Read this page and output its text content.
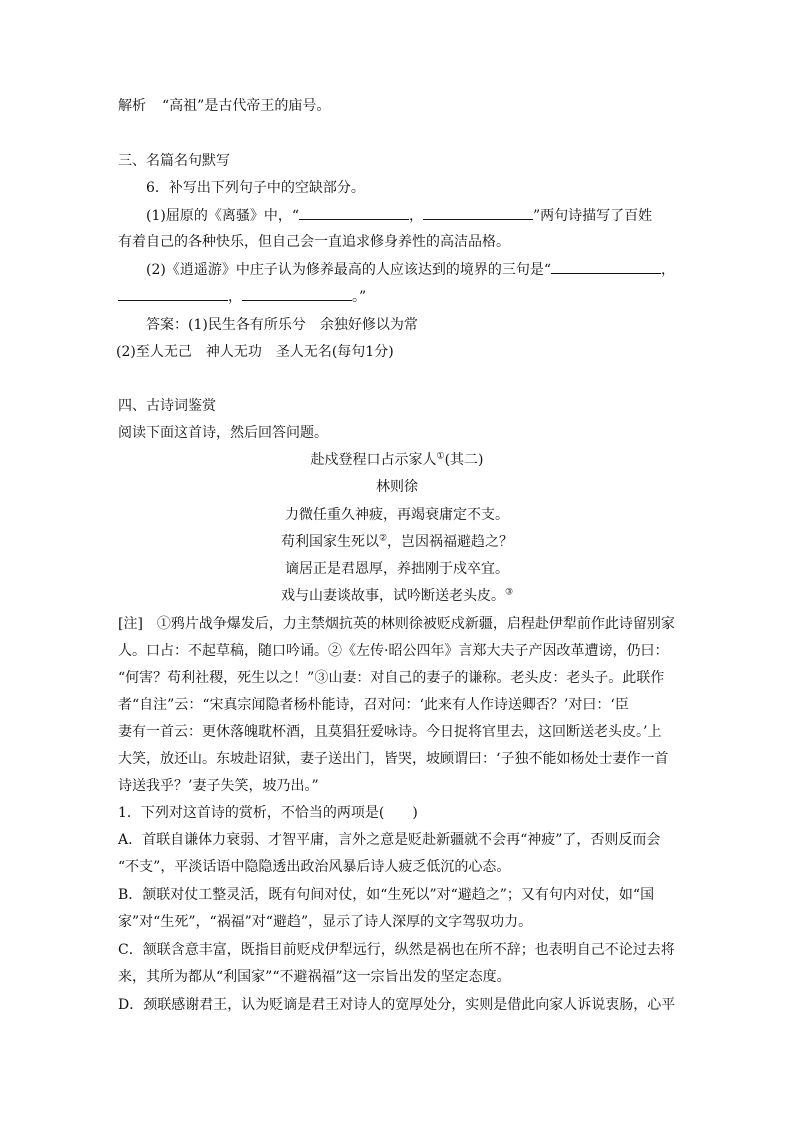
解析 “高祖”是古代帝王的庙号。
三、名篇名句默写
6．补写出下列句子中的空缺部分。
(1)屈原的《离骚》中，“	，	”两句诗描写了百姓
有着自己的各种快乐，但自己会一直追求修身养性的高洁品格。
(2)《逍遥游》中庄子认为修养最高的人应该达到的境界的三句是“	，
，	。”
答案：(1)民生各有所乐兮　余独好修以为常
(2)至人无己　神人无功　圣人无名(每句1分)
四、古诗词鉴赏
阅读下面这首诗，然后回答问题。
赴戍登程口占示家人①(其二)
林则徐
力微任重久神疲，再竭衰庸定不支。
苟利国家生死以②，岂因祸福避趋之？
谪居正是君恩厚，养拙刚于戍卒宜。
戏与山妻谈故事，试吟断送老头皮。③
[注]　①鸦片战争爆发后，力主禁烟抗英的林则徐被贬戍新疆，启程赴伊犁前作此诗留别家
人。口占：不起草稿，随口吟诵。②《左传·昭公四年》言郑大夫子产因改革遭谤，仍曰：
“何害？苟利社稷，死生以之！”③山妻：对自己的妻子的谦称。老头皮：老头子。此联作
者“自注”云：“宋真宗闻隐者杨朴能诗，召对问：‘此来有人作诗送卿否？’对曰：‘臣
妻有一首云：更休落魄耽杯酒，且莫猖狂爱咏诗。今日捉将官里去，这回断送老头皮。’上
大笑，放还山。东坡赴诏狱，妻子送出门，皆哭，坡顾谓曰：‘子独不能如杨处士妻作一首
诗送我乎？’妻子失笑，坡乃出。”
1．下列对这首诗的赏析，不恰当的两项是(　　)
A．首联自谦体力衰弱、才智平庸，言外之意是贬赴新疆就不会再“神疲”了，否则反而会
“不支”，平淡话语中隐隐透出政治风暴后诗人疲乏低沉的心态。
B．颔联对仗工整灵活，既有句间对仗，如“生死以”对“避趋之”；又有句内对仗，如“国
家”对“生死”，“祸福”对“避趋”，显示了诗人深厚的文字驾驭功力。
C．颔联含意丰富，既指目前贬戍伊犁远行，纵然是祸也在所不辞；也表明自己不论过去将
来，其所为都从“利国家”“不避祸福”这一宗旨出发的坚定态度。
D．颈联感谢君王，认为贬谪是君王对诗人的宽厚处分，实则是借此向家人诉说衷肠，心平
